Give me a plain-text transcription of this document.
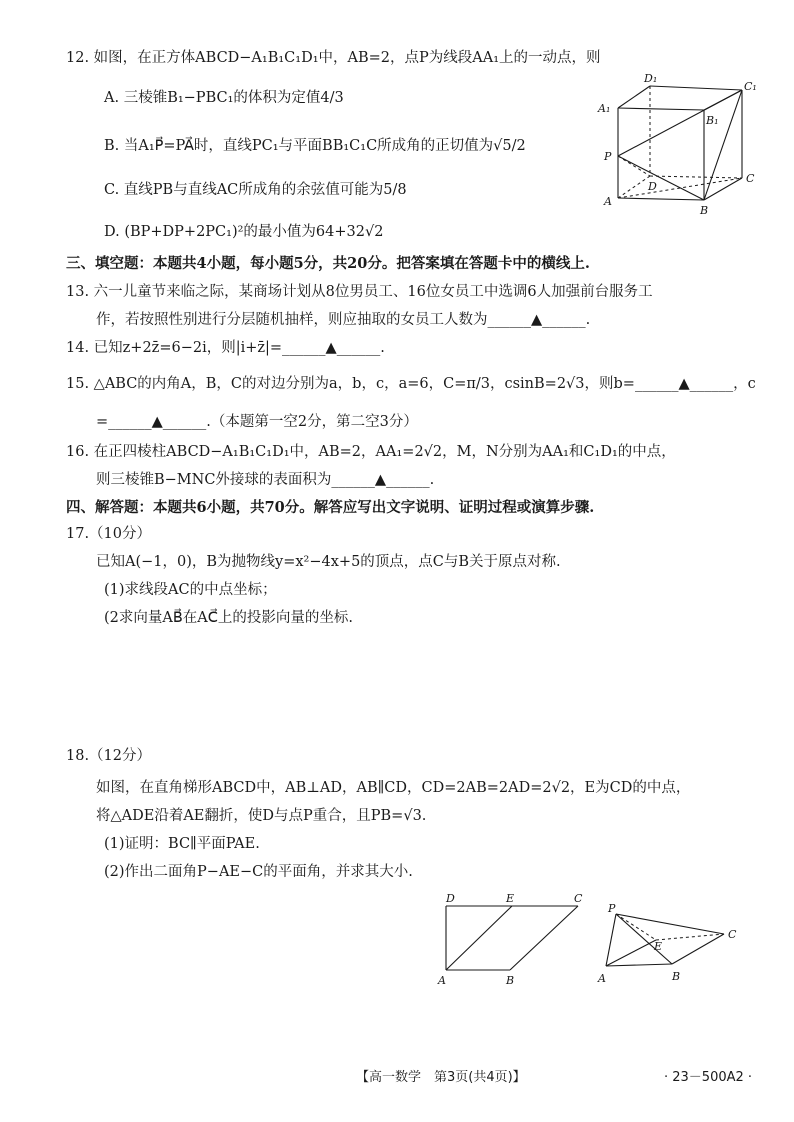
12. 如图，在正方体ABCD−A₁B₁C₁D₁中，AB=2，点P为线段AA₁上的一动点，则
A. 三棱锥B₁−PBC₁的体积为定值4/3
B. 当A₁P⃗=PA⃗时，直线PC₁与平面BB₁C₁C所成角的正切值为√5/2
C. 直线PB与直线AC所成角的余弦值可能为5/8
D. (BP+DP+2PC₁)²的最小值为64+32√2
D₁
C₁
A₁
B₁
P
D
C
A
B
三、填空题：本题共4小题，每小题5分，共20分。把答案填在答题卡中的横线上.
13. 六一儿童节来临之际，某商场计划从8位男员工、16位女员工中选调6人加强前台服务工
作，若按照性别进行分层随机抽样，则应抽取的女员工人数为______▲______.
14. 已知z+2z̄=6−2i，则|i+z̄|=______▲______.
15. △ABC的内角A，B，C的对边分别为a，b，c，a=6，C=π/3，csinB=2√3，则b=______▲______，c
=______▲______.（本题第一空2分，第二空3分）
16. 在正四棱柱ABCD−A₁B₁C₁D₁中，AB=2，AA₁=2√2，M，N分别为AA₁和C₁D₁的中点，
则三棱锥B−MNC外接球的表面积为______▲______.
四、解答题：本题共6小题，共70分。解答应写出文字说明、证明过程或演算步骤.
17.（10分）
已知A(−1，0)，B为抛物线y=x²−4x+5的顶点，点C与B关于原点对称.
(1)求线段AC的中点坐标；
(2求向量AB⃗在AC⃗上的投影向量的坐标.
18.（12分）
如图，在直角梯形ABCD中，AB⊥AD，AB∥CD，CD=2AB=2AD=2√2，E为CD的中点，
将△ADE沿着AE翻折，使D与点P重合，且PB=√3.
(1)证明：BC∥平面PAE.
(2)作出二面角P−AE−C的平面角，并求其大小.
D	E	C
A	B
P
E
C
A	B
【高一数学　第3页(共4页)】	· 23－500A2 ·
